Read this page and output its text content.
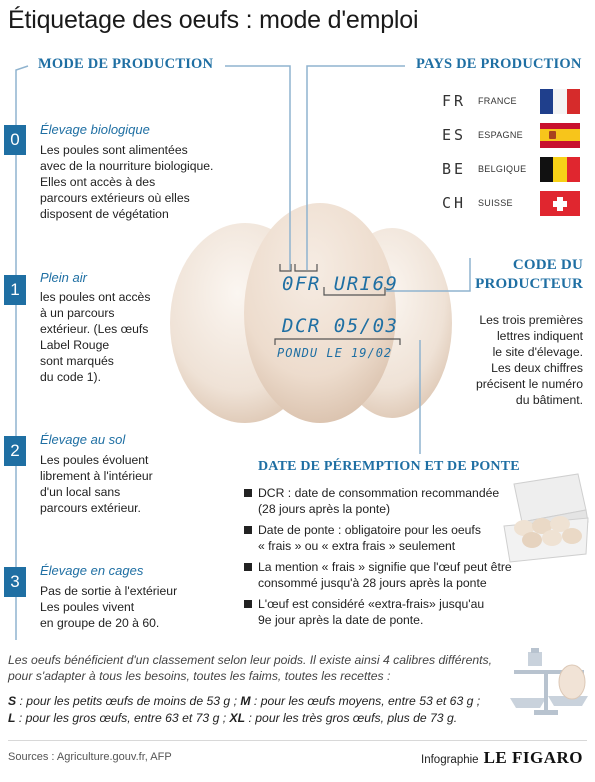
Étiquetage des oeufs : mode d'emploi
0FR URI69
DCR 05/03
PONDU LE 19/02
MODE DE PRODUCTION
0
Élevage biologique
Les poules sont alimentées
avec de la nourriture biologique.
Elles ont accès à des
parcours extérieurs où elles
disposent de végétation
1
Plein air
les poules ont accès
à un parcours
extérieur. (Les œufs
Label Rouge
sont marqués
du code 1).
2
Élevage au sol
Les poules évoluent
librement à l'intérieur
d'un local sans
parcours extérieur.
3
Élevage en cages
Pas de sortie à l'extérieur
Les poules vivent
en groupe de 20 à 60.
PAYS DE PRODUCTION
FR	FRANCE
ES	ESPAGNE
BE	BELGIQUE
CH	SUISSE
CODE DU
PRODUCTEUR
Les trois premières
lettres indiquent
le site d'élevage.
Les deux chiffres
précisent le numéro
du bâtiment.
DATE DE PÉREMPTION ET DE PONTE
DCR : date de consommation recommandée
(28 jours après la ponte)
Date de ponte : obligatoire pour les oeufs
« frais » ou « extra frais » seulement
La mention « frais » signifie que l'œuf peut être
consommé jusqu'à 28 jours après la ponte
L'œuf est considéré «extra-frais» jusqu'au
9e jour après la date de ponte.
Les oeufs bénéficient d'un classement selon leur poids. Il existe ainsi 4 calibres différents, pour s'adapter à tous les besoins, toutes les faims, toutes les recettes :
S : pour les petits œufs de moins de 53 g ; M : pour les œufs moyens, entre 53 et 63 g ;
L : pour les gros œufs, entre 63 et 73 g ; XL : pour les très gros œufs, plus de 73 g.
Sources : Agriculture.gouv.fr, AFP	Infographie LE FIGARO
